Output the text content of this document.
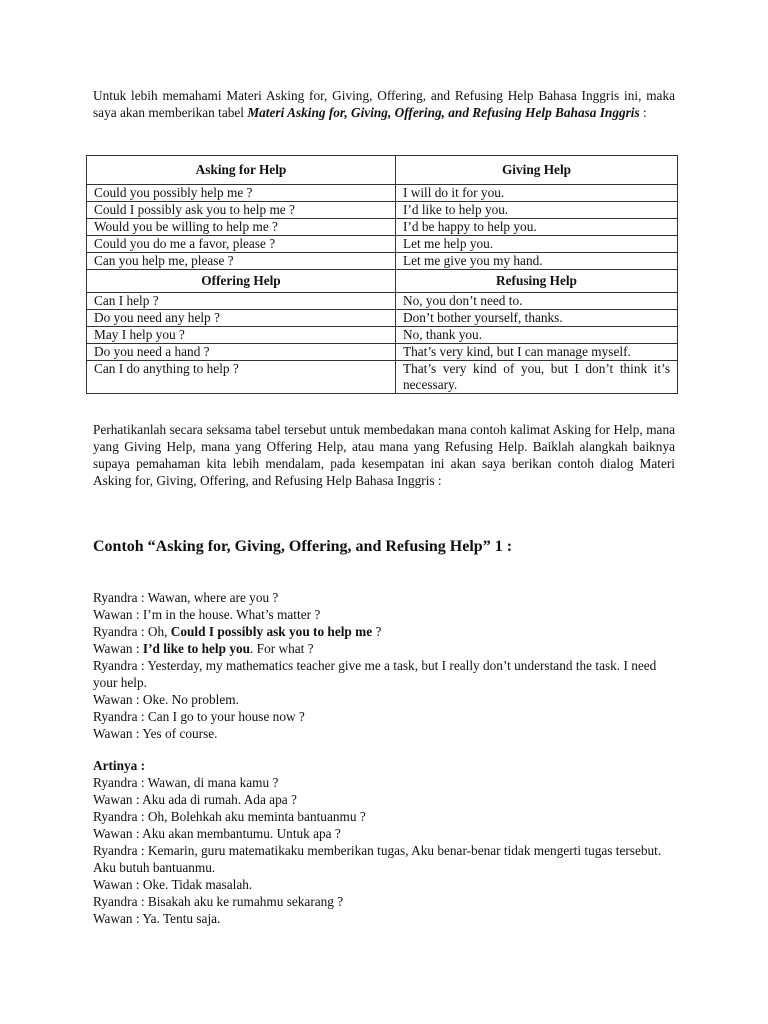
Untuk lebih memahami Materi Asking for, Giving, Offering, and Refusing Help Bahasa Inggris ini, maka saya akan memberikan tabel Materi Asking for, Giving, Offering, and Refusing Help Bahasa Inggris :

Asking for Help	Giving Help
Could you possibly help me ?	I will do it for you.
Could I possibly ask you to help me ?	I’d like to help you.
Would you be willing to help me ?	I’d be happy to help you.
Could you do me a favor, please ?	Let me help you.
Can you help me, please ?	Let me give you my hand.
Offering Help	Refusing Help
Can I help ?	No, you don’t need to.
Do you need any help ?	Don’t bother yourself, thanks.
May I help you ?	No, thank you.
Do you need a hand ?	That’s very kind, but I can manage myself.
Can I do anything to help ?	That’s very kind of you, but I don’t think it’s necessary.

Perhatikanlah secara seksama tabel tersebut untuk membedakan mana contoh kalimat Asking for Help, mana yang Giving Help, mana yang Offering Help, atau mana yang Refusing Help. Baiklah alangkah baiknya supaya pemahaman kita lebih mendalam, pada kesempatan ini akan saya berikan contoh dialog Materi Asking for, Giving, Offering, and Refusing Help Bahasa Inggris :

Contoh “Asking for, Giving, Offering, and Refusing Help” 1 :

Ryandra : Wawan, where are you ?
Wawan : I’m in the house. What’s matter ?
Ryandra : Oh, Could I possibly ask you to help me ?
Wawan : I’d like to help you. For what ?
Ryandra : Yesterday, my mathematics teacher give me a task, but I really don’t understand the task. I need your help.
Wawan : Oke. No problem.
Ryandra : Can I go to your house now ?
Wawan : Yes of course.
Artinya :
Ryandra : Wawan, di mana kamu ?
Wawan : Aku ada di rumah. Ada apa ?
Ryandra : Oh, Bolehkah aku meminta bantuanmu ?
Wawan : Aku akan membantumu. Untuk apa ?
Ryandra : Kemarin, guru matematikaku memberikan tugas, Aku benar-benar tidak mengerti tugas tersebut. Aku butuh bantuanmu.
Wawan : Oke. Tidak masalah.
Ryandra : Bisakah aku ke rumahmu sekarang ?
Wawan : Ya. Tentu saja.
